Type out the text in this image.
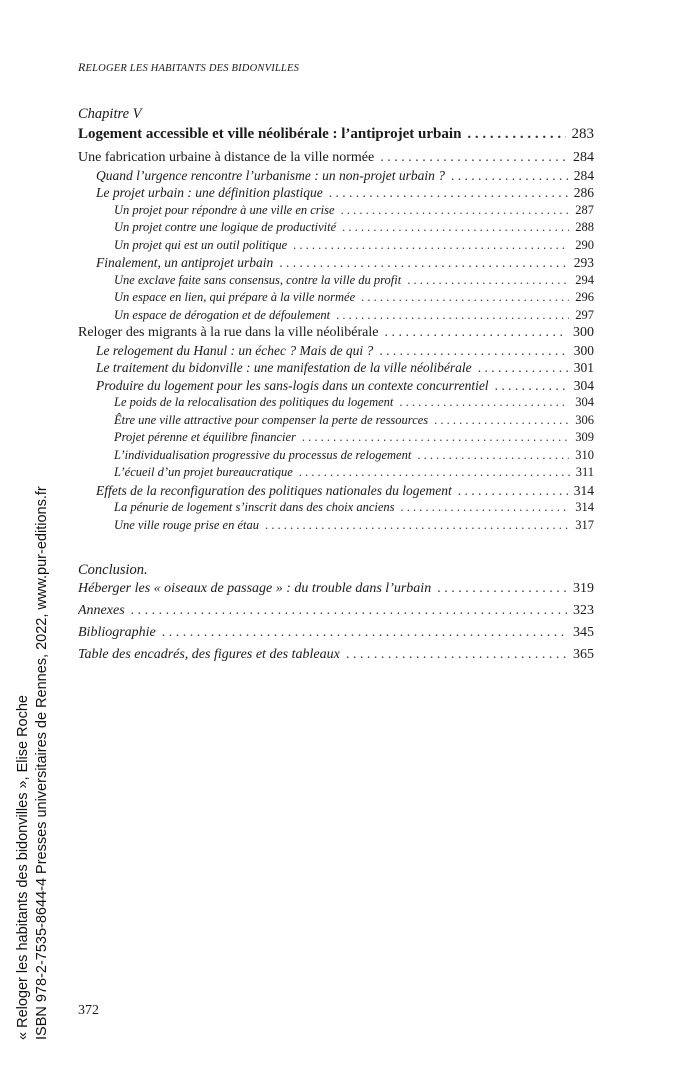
RELOGER LES HABITANTS DES BIDONVILLES
Chapitre V
Logement accessible et ville néolibérale : l’antiprojet urbain . . .	283
Une fabrication urbaine à distance de la ville normée . . .	284
Quand l’urgence rencontre l’urbanisme : un non-projet urbain ? . . .	284
Le projet urbain : une définition plastique . . .	286
Un projet pour répondre à une ville en crise . . .	287
Un projet contre une logique de productivité . . .	288
Un projet qui est un outil politique . . .	290
Finalement, un antiprojet urbain . . .	293
Une exclave faite sans consensus, contre la ville du profit . . .	294
Un espace en lien, qui prépare à la ville normée . . .	296
Un espace de dérogation et de défoulement . . .	297
Reloger des migrants à la rue dans la ville néolibérale . . .	300
Le relogement du Hanul : un échec ? Mais de qui ? . . .	300
Le traitement du bidonville : une manifestation de la ville néolibérale . . .	301
Produire du logement pour les sans-logis dans un contexte concurrentiel . . .	304
Le poids de la relocalisation des politiques du logement . . .	304
Être une ville attractive pour compenser la perte de ressources . . .	306
Projet pérenne et équilibre financier . . .	309
L’individualisation progressive du processus de relogement . . .	310
L’écueil d’un projet bureaucratique . . .	311
Effets de la reconfiguration des politiques nationales du logement . . .	314
La pénurie de logement s’inscrit dans des choix anciens . . .	314
Une ville rouge prise en étau . . .	317
Conclusion.
Héberger les « oiseaux de passage » : du trouble dans l’urbain . . .	319
Annexes . . .	323
Bibliographie . . .	345
Table des encadrés, des figures et des tableaux . . .	365
372
« Reloger les habitants des bidonvilles », Elise Roche ISBN 978-2-7535-8644-4 Presses universitaires de Rennes, 2022, www.pur-editions.fr
